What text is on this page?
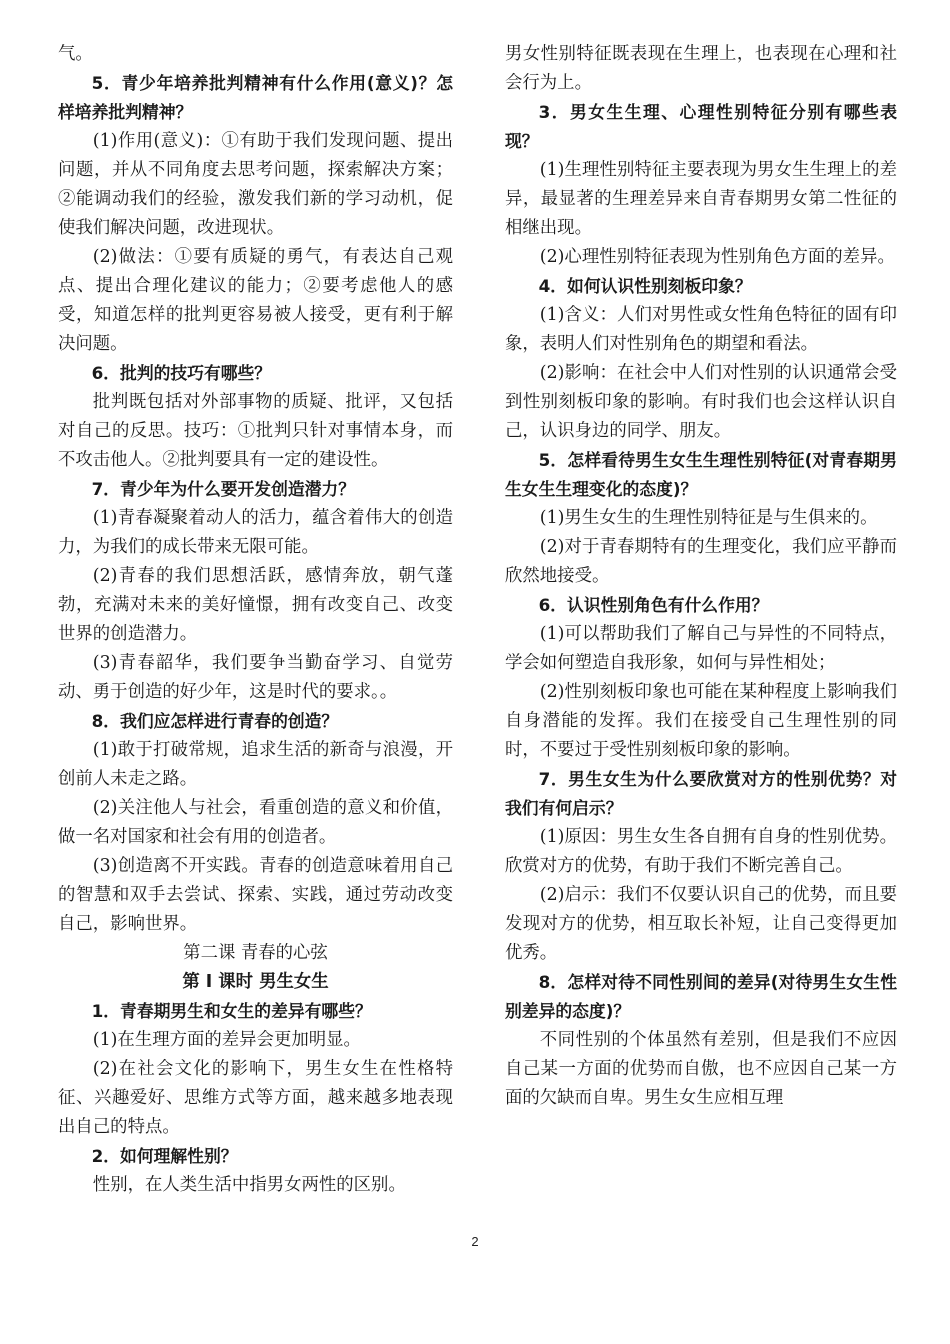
气。

5．青少年培养批判精神有什么作用(意义)？怎样培养批判精神？

(1)作用(意义)：①有助于我们发现问题、提出问题，并从不同角度去思考问题，探索解决方案；②能调动我们的经验，激发我们新的学习动机，促使我们解决问题，改进现状。

(2)做法：①要有质疑的勇气，有表达自己观点、提出合理化建议的能力；②要考虑他人的感受，知道怎样的批判更容易被人接受，更有利于解决问题。

6．批判的技巧有哪些？

批判既包括对外部事物的质疑、批评，又包括对自己的反思。技巧：①批判只针对事情本身，而不攻击他人。②批判要具有一定的建设性。

7．青少年为什么要开发创造潜力？

(1)青春凝聚着动人的活力，蕴含着伟大的创造力，为我们的成长带来无限可能。

(2)青春的我们思想活跃，感情奔放，朝气蓬勃，充满对未来的美好憧憬，拥有改变自己、改变世界的创造潜力。

(3)青春韶华，我们要争当勤奋学习、自觉劳动、勇于创造的好少年，这是时代的要求。。

8．我们应怎样进行青春的创造？

(1)敢于打破常规，追求生活的新奇与浪漫，开创前人未走之路。

(2)关注他人与社会，看重创造的意义和价值，做一名对国家和社会有用的创造者。

(3)创造离不开实践。青春的创造意味着用自己的智慧和双手去尝试、探索、实践，通过劳动改变自己，影响世界。

第二课 青春的心弦

第 I 课时 男生女生

1．青春期男生和女生的差异有哪些？

(1)在生理方面的差异会更加明显。

(2)在社会文化的影响下，男生女生在性格特征、兴趣爱好、思维方式等方面，越来越多地表现出自己的特点。

2．如何理解性别？

性别，在人类生活中指男女两性的区别。

男女性别特征既表现在生理上，也表现在心理和社会行为上。

3．男女生生理、心理性别特征分别有哪些表现？

(1)生理性别特征主要表现为男女生生理上的差异，最显著的生理差异来自青春期男女第二性征的相继出现。

(2)心理性别特征表现为性别角色方面的差异。

4．如何认识性别刻板印象？

(1)含义：人们对男性或女性角色特征的固有印象，表明人们对性别角色的期望和看法。

(2)影响：在社会中人们对性别的认识通常会受到性别刻板印象的影响。有时我们也会这样认识自己，认识身边的同学、朋友。

5．怎样看待男生女生生理性别特征(对青春期男生女生生理变化的态度)？

(1)男生女生的生理性别特征是与生俱来的。

(2)对于青春期特有的生理变化，我们应平静而欣然地接受。

6．认识性别角色有什么作用？

(1)可以帮助我们了解自己与异性的不同特点，学会如何塑造自我形象，如何与异性相处；

(2)性别刻板印象也可能在某种程度上影响我们自身潜能的发挥。我们在接受自己生理性别的同时，不要过于受性别刻板印象的影响。

7．男生女生为什么要欣赏对方的性别优势？对我们有何启示？

(1)原因：男生女生各自拥有自身的性别优势。欣赏对方的优势，有助于我们不断完善自己。

(2)启示：我们不仅要认识自己的优势，而且要发现对方的优势，相互取长补短，让自己变得更加优秀。

8．怎样对待不同性别间的差异(对待男生女生性别差异的态度)？

不同性别的个体虽然有差别，但是我们不应因自己某一方面的优势而自傲，也不应因自己某一方面的欠缺而自卑。男生女生应相互理

2
